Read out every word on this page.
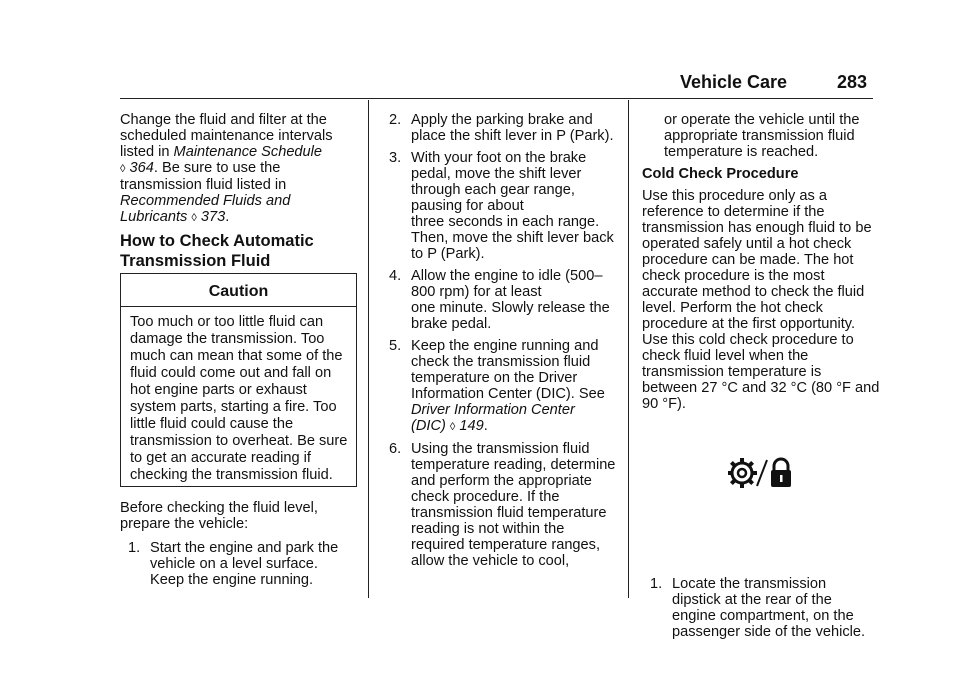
Vehicle Care	283

Change the fluid and filter at the
scheduled maintenance intervals
listed in Maintenance Schedule
◊ 364. Be sure to use the
transmission fluid listed in
Recommended Fluids and
Lubricants ◊ 373.

How to Check Automatic
Transmission Fluid
Caution
Too much or too little fluid can
damage the transmission. Too
much can mean that some of the
fluid could come out and fall on
hot engine parts or exhaust
system parts, starting a fire. Too
little fluid could cause the
transmission to overheat. Be sure
to get an accurate reading if
checking the transmission fluid.
Before checking the fluid level,
prepare the vehicle:
1. Start the engine and park the
vehicle on a level surface.
Keep the engine running.
2. Apply the parking brake and
place the shift lever in P (Park).
3. With your foot on the brake
pedal, move the shift lever
through each gear range,
pausing for about
three seconds in each range.
Then, move the shift lever back
to P (Park).
4. Allow the engine to idle (500–
800 rpm) for at least
one minute. Slowly release the
brake pedal.
5. Keep the engine running and
check the transmission fluid
temperature on the Driver
Information Center (DIC). See
Driver Information Center
(DIC) ◊ 149.
6. Using the transmission fluid
temperature reading, determine
and perform the appropriate
check procedure. If the
transmission fluid temperature
reading is not within the
required temperature ranges,
allow the vehicle to cool,
or operate the vehicle until the
appropriate transmission fluid
temperature is reached.

Cold Check Procedure

Use this procedure only as a
reference to determine if the
transmission has enough fluid to be
operated safely until a hot check
procedure can be made. The hot
check procedure is the most
accurate method to check the fluid
level. Perform the hot check
procedure at the first opportunity.
Use this cold check procedure to
check fluid level when the
transmission temperature is
between 27 °C and 32 °C (80 °F and
90 °F).

1. Locate the transmission
dipstick at the rear of the
engine compartment, on the
passenger side of the vehicle.
